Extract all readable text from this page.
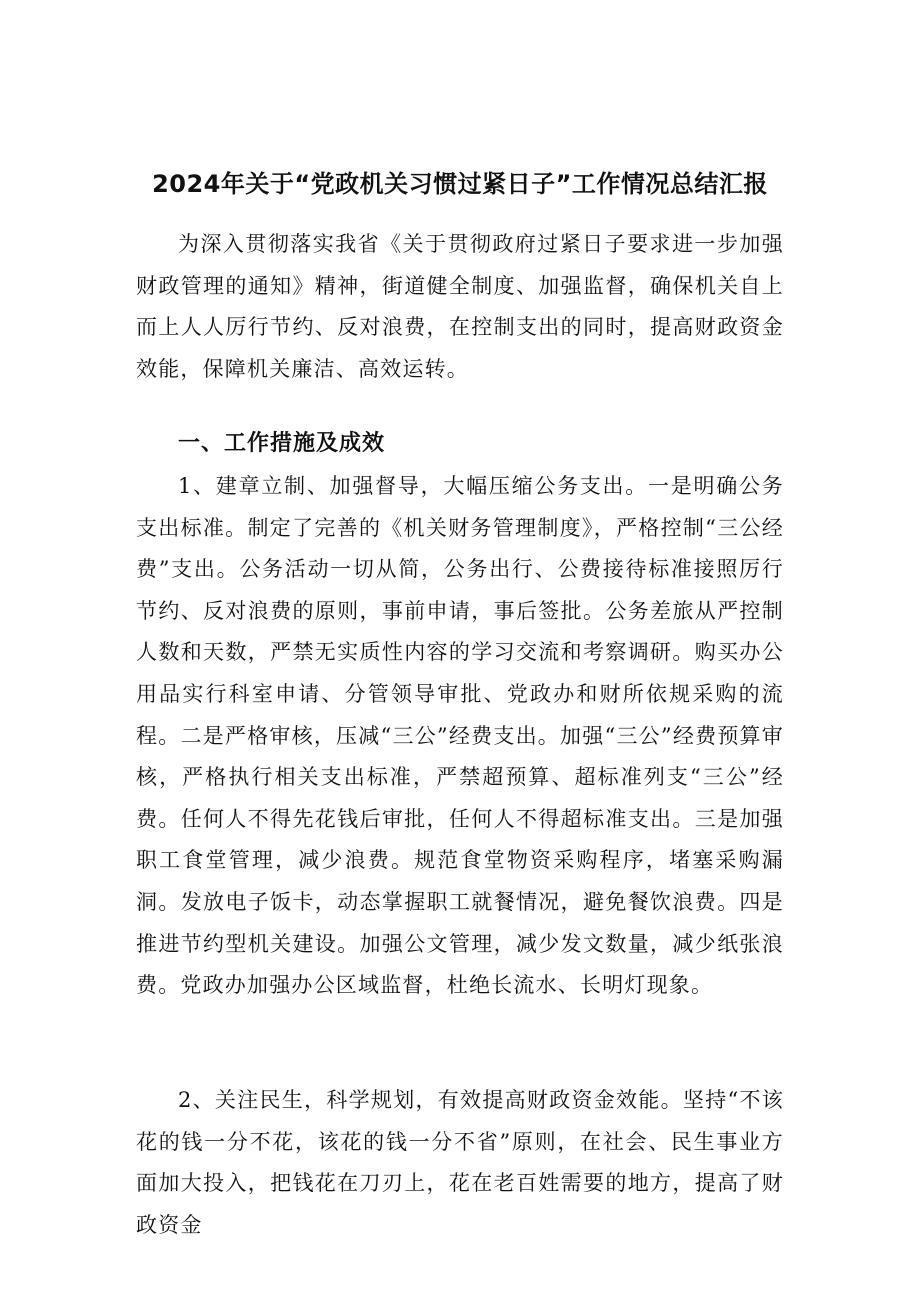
2024年关于“党政机关习惯过紧日子”工作情况总结汇报

为深入贯彻落实我省《关于贯彻政府过紧日子要求进一步加强财政管理的通知》精神，街道健全制度、加强监督，确保机关自上而上人人厉行节约、反对浪费，在控制支出的同时，提高财政资金效能，保障机关廉洁、高效运转。

一、工作措施及成效

1、建章立制、加强督导，大幅压缩公务支出。一是明确公务支出标准。制定了完善的《机关财务管理制度》，严格控制“三公经费”支出。公务活动一切从简，公务出行、公费接待标准接照厉行节约、反对浪费的原则，事前申请，事后签批。公务差旅从严控制人数和天数，严禁无实质性内容的学习交流和考察调研。购买办公用品实行科室申请、分管领导审批、党政办和财所依规采购的流程。二是严格审核，压减“三公”经费支出。加强“三公”经费预算审核，严格执行相关支出标准，严禁超预算、超标准列支“三公”经费。任何人不得先花钱后审批，任何人不得超标准支出。三是加强职工食堂管理，减少浪费。规范食堂物资采购程序，堵塞采购漏洞。发放电子饭卡，动态掌握职工就餐情况，避免餐饮浪费。四是推进节约型机关建设。加强公文管理，减少发文数量，减少纸张浪费。党政办加强办公区域监督，杜绝长流水、长明灯现象。

2、关注民生，科学规划，有效提高财政资金效能。坚持“不该花的钱一分不花，该花的钱一分不省”原则，在社会、民生事业方面加大投入，把钱花在刀刃上，花在老百姓需要的地方，提高了财政资金
